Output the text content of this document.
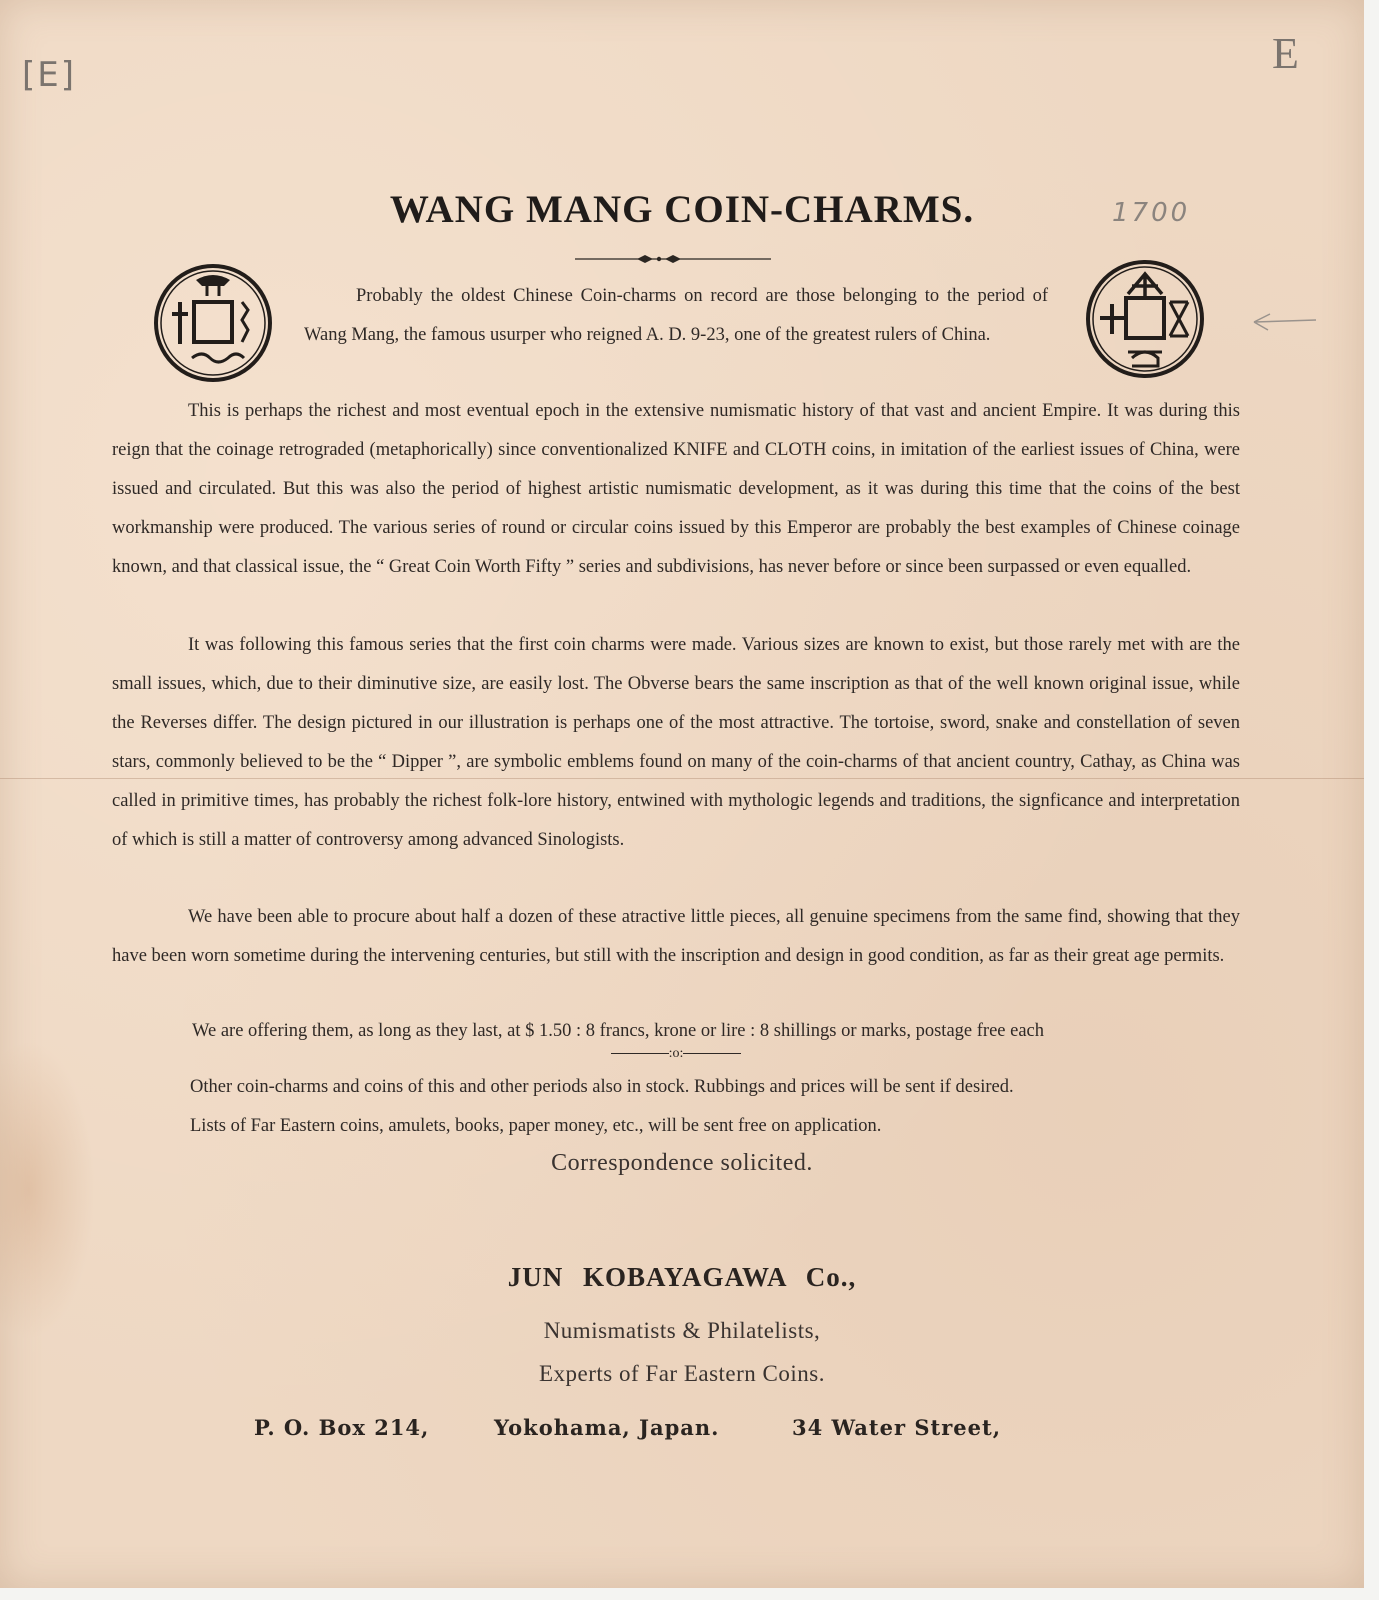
[E]	E
1700
WANG MANG COIN-CHARMS.

Probably the oldest Chinese Coin-charms on record are those belonging to the period of Wang Mang, the famous usurper who reigned A. D. 9-23, one of the greatest rulers of China.

This is perhaps the richest and most eventual epoch in the extensive numismatic history of that vast and ancient Empire. It was during this reign that the coinage retrograded (metaphorically) since conventionalized KNIFE and CLOTH coins, in imitation of the earliest issues of China, were issued and circulated. But this was also the period of highest artistic numismatic development, as it was during this time that the coins of the best workmanship were produced. The various series of round or circular coins issued by this Emperor are probably the best examples of Chinese coinage known, and that classical issue, the “ Great Coin Worth Fifty ” series and subdivisions, has never before or since been surpassed or even equalled.

It was following this famous series that the first coin charms were made. Various sizes are known to exist, but those rarely met with are the small issues, which, due to their diminutive size, are easily lost. The Obverse bears the same inscription as that of the well known original issue, while the Reverses differ. The design pictured in our illustration is perhaps one of the most attractive. The tortoise, sword, snake and constellation of seven stars, commonly believed to be the “ Dipper ”, are symbolic emblems found on many of the coin-charms of that ancient country, Cathay, as China was called in primitive times, has probably the richest folk-lore history, entwined with mythologic legends and traditions, the signficance and interpretation of which is still a matter of controversy among advanced Sinologists.

We have been able to procure about half a dozen of these atractive little pieces, all genuine specimens from the same find, showing that they have been worn sometime during the intervening centuries, but still with the inscription and design in good condition, as far as their great age permits.

We are offering them, as long as they last, at $ 1.50 : 8 francs, krone or lire : 8 shillings or marks, postage free each
:o:
Other coin-charms and coins of this and other periods also in stock. Rubbings and prices will be sent if desired.
Lists of Far Eastern coins, amulets, books, paper money, etc., will be sent free on application.
Correspondence solicited.
JUN KOBAYAGAWA Co.,
Numismatists & Philatelists,
Experts of Far Eastern Coins.
P. O. Box 214,	Yokohama, Japan.	34 Water Street,
